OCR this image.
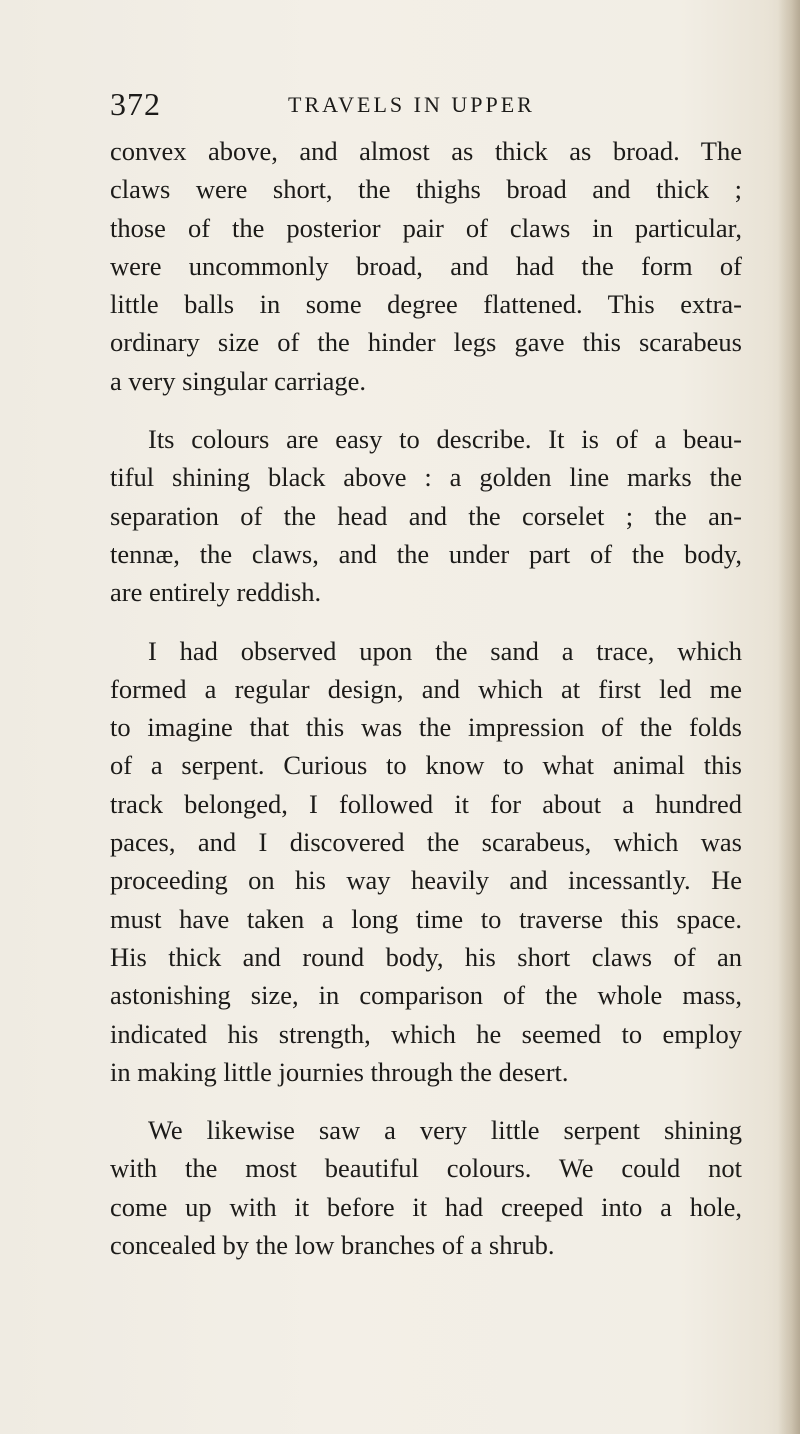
372	TRAVELS IN UPPER
convex above, and almost as thick as broad. The
claws were short, the thighs broad and thick ;
those of the posterior pair of claws in particular,
were uncommonly broad, and had the form of
little balls in some degree flattened. This extra-
ordinary size of the hinder legs gave this scarabeus
a very singular carriage.
Its colours are easy to describe. It is of a beau-
tiful shining black above : a golden line marks the
separation of the head and the corselet ; the an-
tennæ, the claws, and the under part of the body,
are entirely reddish.
I had observed upon the sand a trace, which
formed a regular design, and which at first led me
to imagine that this was the impression of the folds
of a serpent. Curious to know to what animal this
track belonged, I followed it for about a hundred
paces, and I discovered the scarabeus, which was
proceeding on his way heavily and incessantly. He
must have taken a long time to traverse this space.
His thick and round body, his short claws of an
astonishing size, in comparison of the whole mass,
indicated his strength, which he seemed to employ
in making little journies through the desert.
We likewise saw a very little serpent shining
with the most beautiful colours. We could not
come up with it before it had creeped into a hole,
concealed by the low branches of a shrub.
